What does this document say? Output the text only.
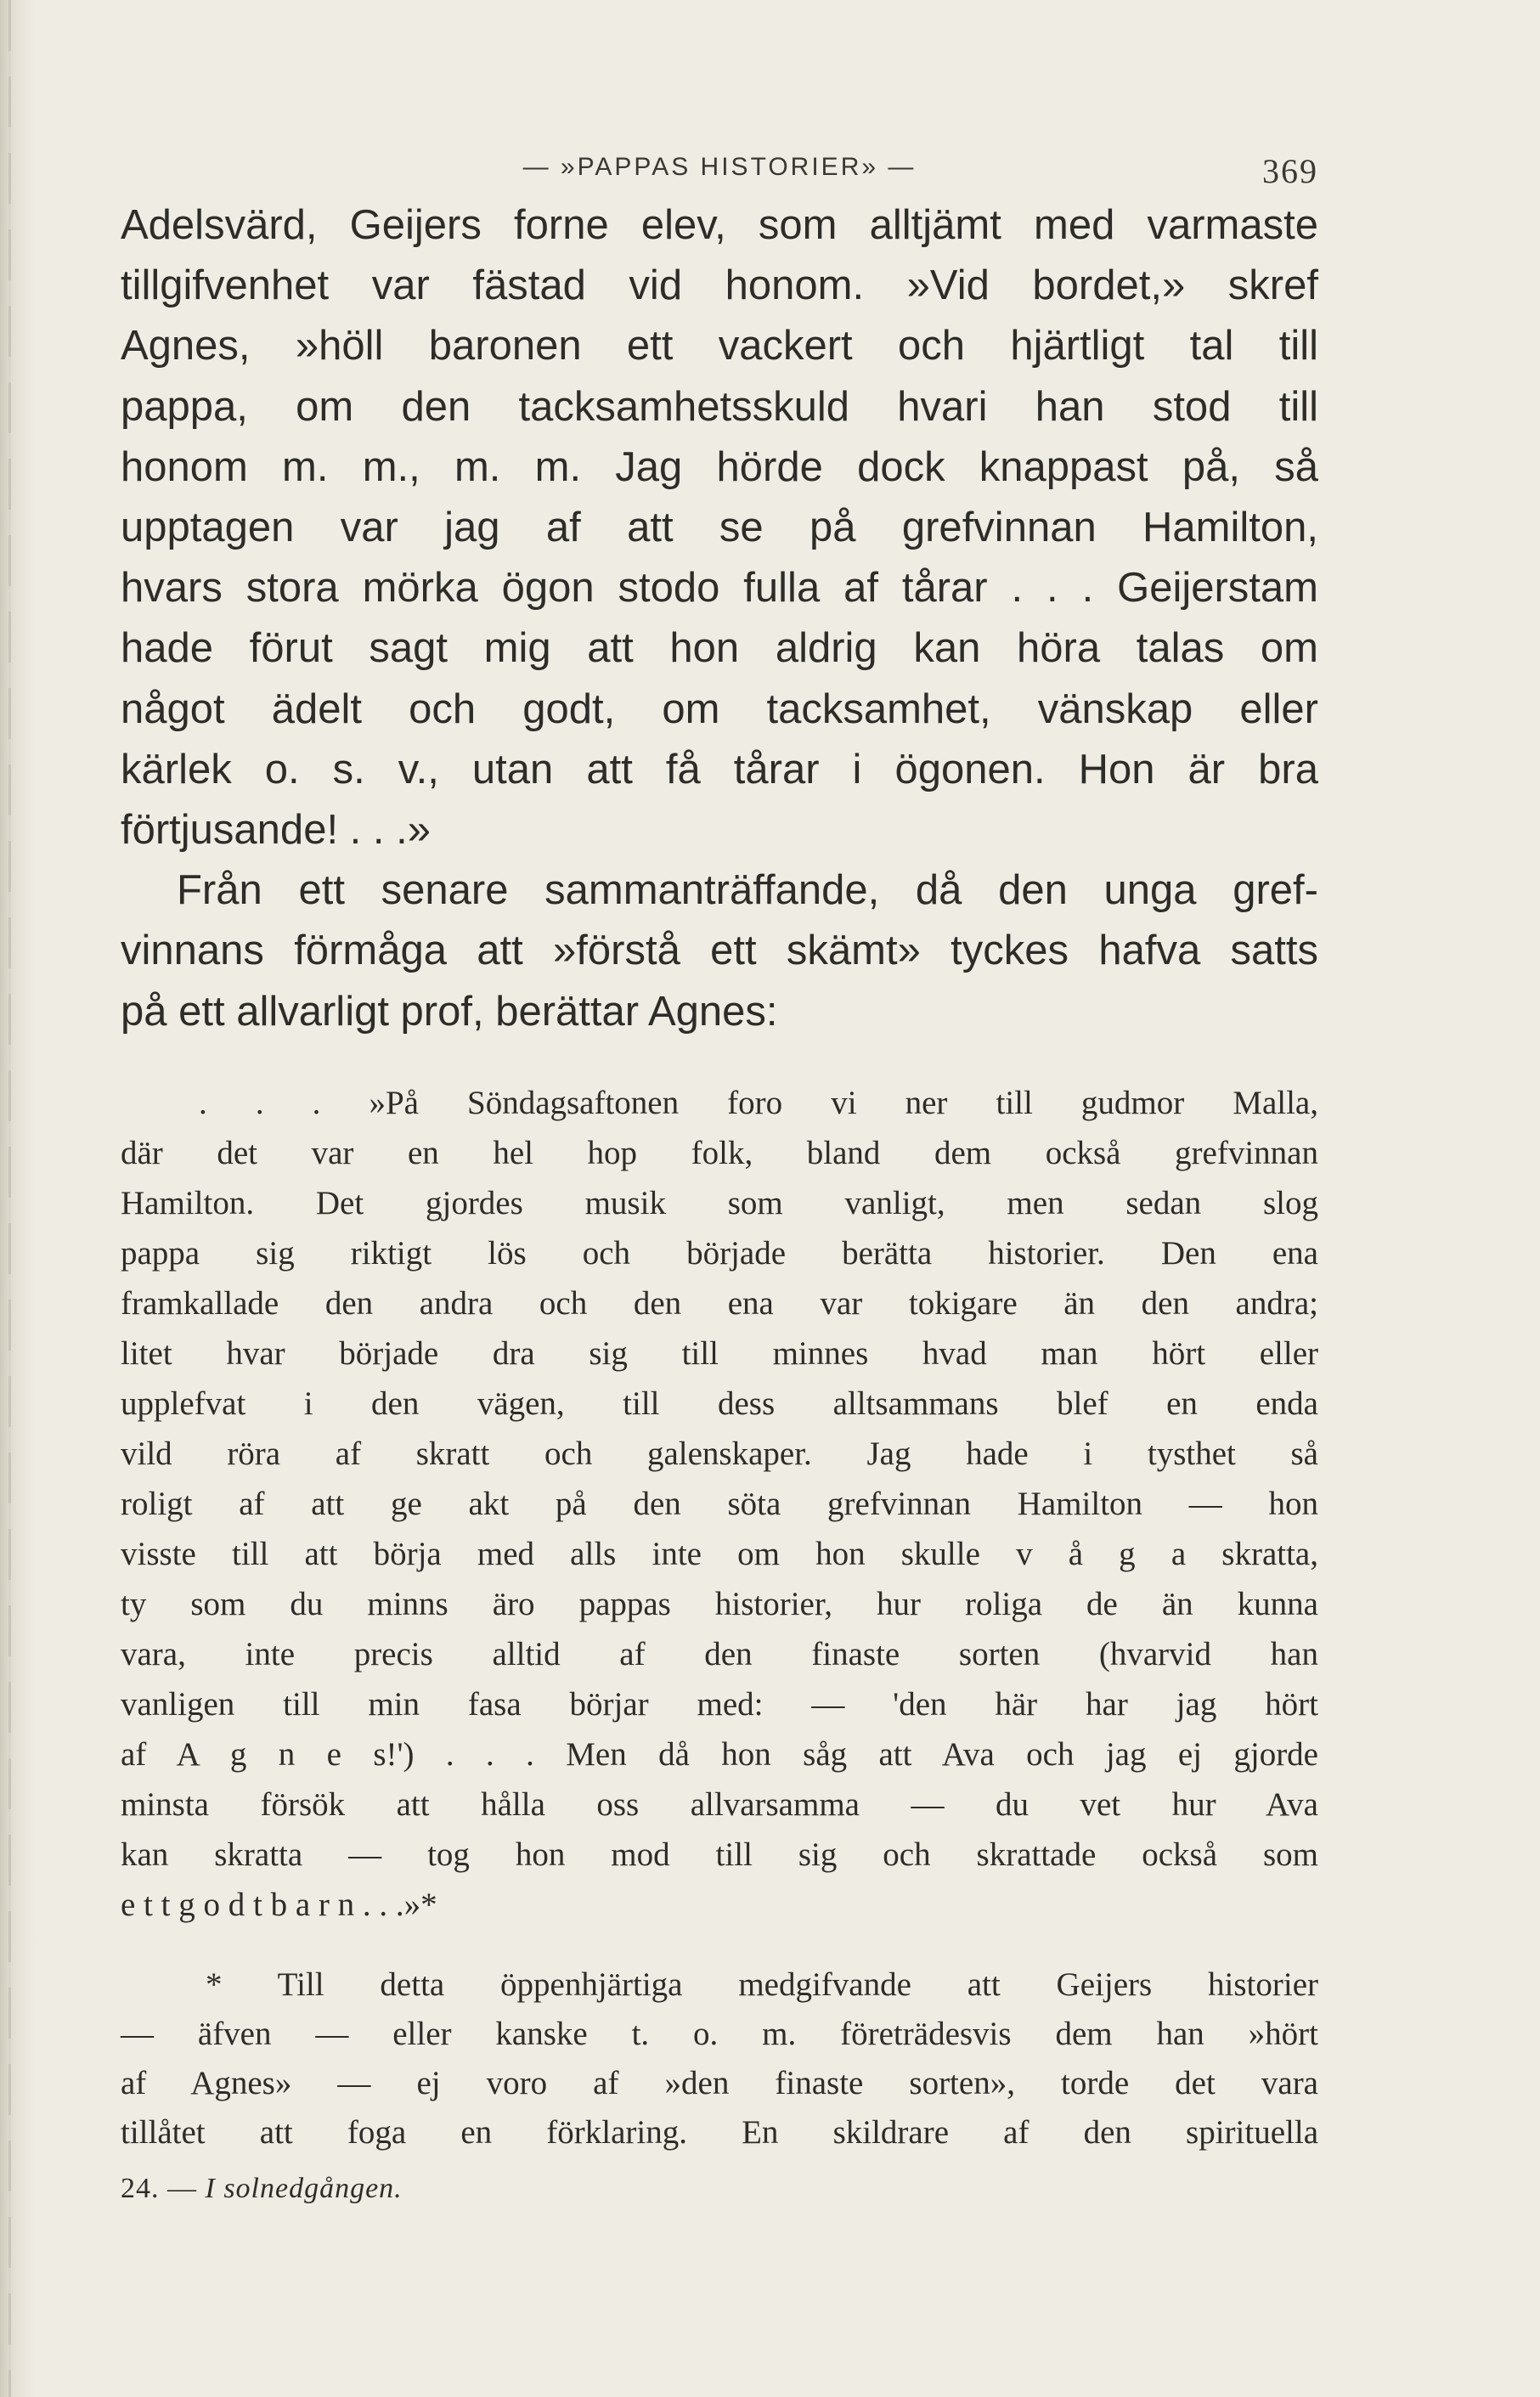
— »PAPPAS HISTORIER» —	369
Adelsvärd, Geijers forne elev, som alltjämt med varmaste
tillgifvenhet var fästad vid honom. »Vid bordet,» skref
Agnes, »höll baronen ett vackert och hjärtligt tal till
pappa, om den tacksamhetsskuld hvari han stod till
honom m. m., m. m. Jag hörde dock knappast på, så
upptagen var jag af att se på grefvinnan Hamilton,
hvars stora mörka ögon stodo fulla af tårar . . . Geijerstam
hade förut sagt mig att hon aldrig kan höra talas om
något ädelt och godt, om tacksamhet, vänskap eller
kärlek o. s. v., utan att få tårar i ögonen. Hon är bra
förtjusande! . . .»
Från ett senare sammanträffande, då den unga gref-
vinnans förmåga att »förstå ett skämt» tyckes hafva satts
på ett allvarligt prof, berättar Agnes:
. . . »På Söndagsaftonen foro vi ner till gudmor Malla,
där det var en hel hop folk, bland dem också grefvinnan
Hamilton. Det gjordes musik som vanligt, men sedan slog
pappa sig riktigt lös och började berätta historier. Den ena
framkallade den andra och den ena var tokigare än den andra;
litet hvar började dra sig till minnes hvad man hört eller
upplefvat i den vägen, till dess alltsammans blef en enda
vild röra af skratt och galenskaper. Jag hade i tysthet så
roligt af att ge akt på den söta grefvinnan Hamilton — hon
visste till att börja med alls inte om hon skulle v å g a skratta,
ty som du minns äro pappas historier, hur roliga de än kunna
vara, inte precis alltid af den finaste sorten (hvarvid han
vanligen till min fasa börjar med: — 'den här har jag hört
af A g n e s!') . . . Men då hon såg att Ava och jag ej gjorde
minsta försök att hålla oss allvarsamma — du vet hur Ava
kan skratta — tog hon mod till sig och skrattade också som
e t t g o d t b a r n . . .»*
* Till detta öppenhjärtiga medgifvande att Geijers historier
— äfven — eller kanske t. o. m. företrädesvis dem han »hört
af Agnes» — ej voro af »den finaste sorten», torde det vara
tillåtet att foga en förklaring. En skildrare af den spirituella
24. — I solnedgången.
